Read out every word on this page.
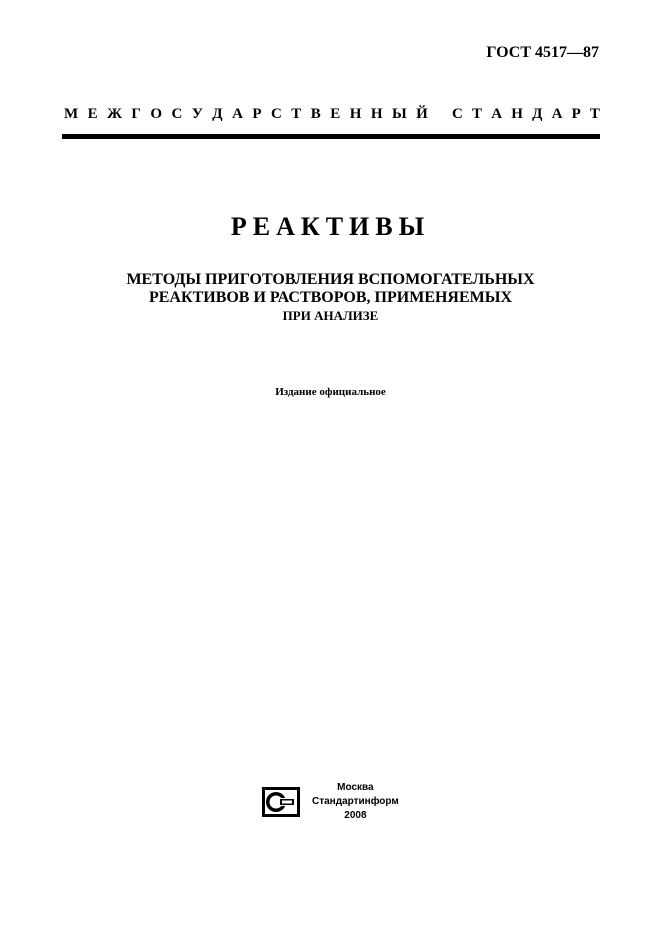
ГОСТ 4517—87
М Е Ж Г О С У Д А Р С Т В Е Н Н Ы Й С Т А Н Д А Р Т
РЕАКТИВЫ
МЕТОДЫ ПРИГОТОВЛЕНИЯ ВСПОМОГАТЕЛЬНЫХ
РЕАКТИВОВ И РАСТВОРОВ, ПРИМЕНЯЕМЫХ
ПРИ АНАЛИЗЕ
Издание официальное
Москва
Стандартинформ
2008
